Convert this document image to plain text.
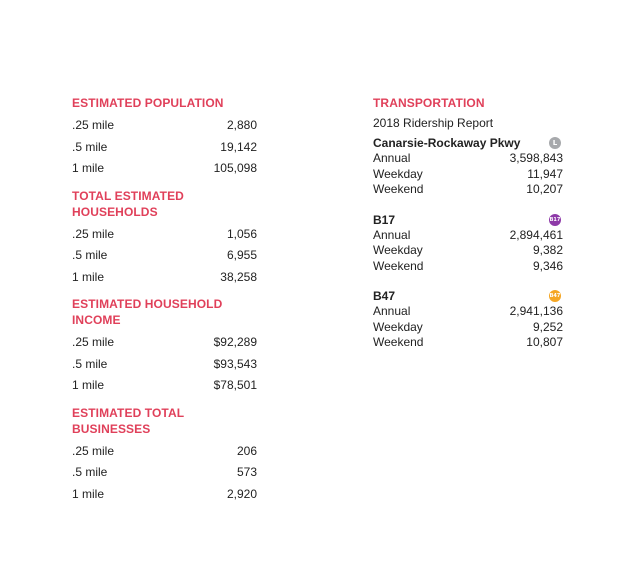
ESTIMATED POPULATION
.25 mile	2,880
.5 mile	19,142
1 mile	105,098
TOTAL ESTIMATED
HOUSEHOLDS
.25 mile	1,056
.5 mile	6,955
1 mile	38,258
ESTIMATED HOUSEHOLD
INCOME
.25 mile	$92,289
.5 mile	$93,543
1 mile	$78,501
ESTIMATED TOTAL
BUSINESSES
.25 mile	206
.5 mile	573
1 mile	2,920
TRANSPORTATION
2018 Ridership Report
Canarsie-Rockaway Pkwy	L
Annual	3,598,843
Weekday	11,947
Weekend	10,207
B17	B17
Annual	2,894,461
Weekday	9,382
Weekend	9,346
B47	B47
Annual	2,941,136
Weekday	9,252
Weekend	10,807
